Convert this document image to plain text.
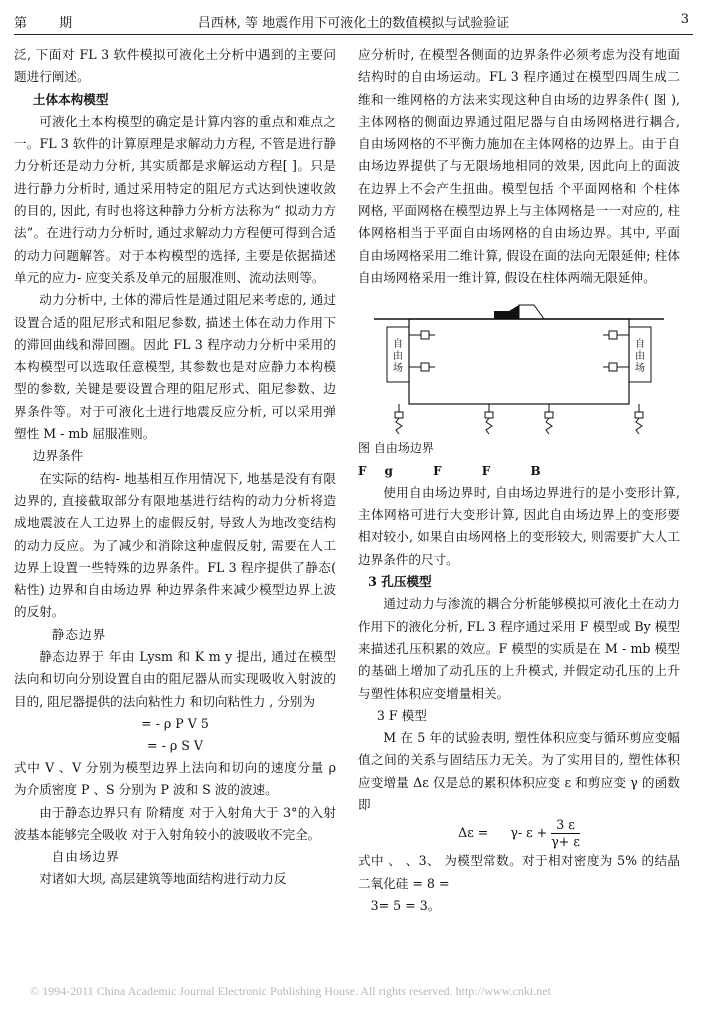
第 期	吕西林, 等 地震作用下可液化土的数值模拟与试验验证	3

泛, 下面对 FL 3 软件模拟可液化土分析中遇到的主要问题进行阐述。

土体本构模型

可液化土本构模型的确定是计算内容的重点和难点之一。FL 3 软件的计算原理是求解动力方程, 不管是进行静力分析还是动力分析, 其实质都是求解运动方程[ ]。只是进行静力分析时, 通过采用特定的阻尼方式达到快速收敛的目的, 因此, 有时也将这种静力分析方法称为“ 拟动力方法”。在进行动力分析时, 通过求解动力方程便可得到合适的动力问题解答。对于本构模型的选择, 主要是依据描述单元的应力- 应变关系及单元的屈服准则、流动法则等。

动力分析中, 土体的滞后性是通过阻尼来考虑的, 通过设置合适的阻尼形式和阻尼参数, 描述土体在动力作用下的滞回曲线和滞回圈。因此 FL 3 程序动力分析中采用的本构模型可以选取任意模型, 其参数也是对应静力本构模型的参数, 关键是要设置合理的阻尼形式、阻尼参数、边界条件等。对于可液化土进行地震反应分析, 可以采用弹塑性 M - mb 屈服准则。

边界条件

在实际的结构- 地基相互作用情况下, 地基是没有有限边界的, 直接截取部分有限地基进行结构的动力分析将造成地震波在人工边界上的虚假反射, 导致人为地改变结构的动力反应。为了减少和消除这种虚假反射, 需要在人工边界上设置一些特殊的边界条件。FL 3 程序提供了静态( 粘性) 边界和自由场边界 种边界条件来减少模型边界上波的反射。

静态边界

静态边界于 年由 Lysm 和 K m y 提出, 通过在模型法向和切向分别设置自由的阻尼器从而实现吸收入射波的目的, 阻尼器提供的法向粘性力 和切向粘性力 , 分别为

= - ρ P V 5
= - ρ S V

式中 V 、V 分别为模型边界上法向和切向的速度分量 ρ 为介质密度 P 、S 分别为 P 波和 S 波的波速。

由于静态边界只有 阶精度 对于入射角大于 3°的入射波基本能够完全吸收 对于入射角较小的波吸收不完全。

自由场边界

对诸如大坝, 高层建筑等地面结构进行动力反

应分析时, 在模型各侧面的边界条件必须考虑为没有地面结构时的自由场运动。FL 3 程序通过在模型四周生成二维和一维网格的方法来实现这种自由场的边界条件( 图 ), 主体网格的侧面边界通过阻尼器与自由场网格进行耦合, 自由场网格的不平衡力施加在主体网格的边界上。由于自由场边界提供了与无限场地相同的效果, 因此向上的面波在边界上不会产生扭曲。模型包括 个平面网格和 个柱体网格, 平面网格在模型边界上与主体网格是一一对应的, 柱体网格相当于平面自由场网格的自由场边界。其中, 平面自由场网格采用二维计算, 假设在面的法向无限延伸; 柱体自由场网格采用一维计算, 假设在柱体两端无限延伸。

自由场
自由场

图 自由场边界

Fg F F B

使用自由场边界时, 自由场边界进行的是小变形计算, 主体网格可进行大变形计算, 因此自由场边界上的变形要相对较小, 如果自由场网格上的变形较大, 则需要扩大人工边界条件的尺寸。

3 孔压模型

通过动力与渗流的耦合分析能够模拟可液化土在动力作用下的液化分析, FL 3 程序通过采用 F 模型或 By 模型来描述孔压积累的效应。F 模型的实质是在 M - mb 模型的基础上增加了动孔压的上升模式, 并假定动孔压的上升与塑性体积应变增量相关。

3 F 模型

M 在 5 年的试验表明, 塑性体积应变与循环剪应变幅值之间的关系与固结压力无关。为了实用目的, 塑性体积应变增量 Δε 仅是总的累积体积应变 ε 和剪应变 γ 的函数 即

Δε = γ- $\varepsilon + \frac{3 \varepsilon}{\gamma+ \varepsilon}$

式中 、 、3、 为模型常数。对于相对密度为 5% 的结晶二氧化硅 = 8 =

3= 5 = 3。

© 1994-2011 China Academic Journal Electronic Publishing House. All rights reserved. http://www.cnki.net
